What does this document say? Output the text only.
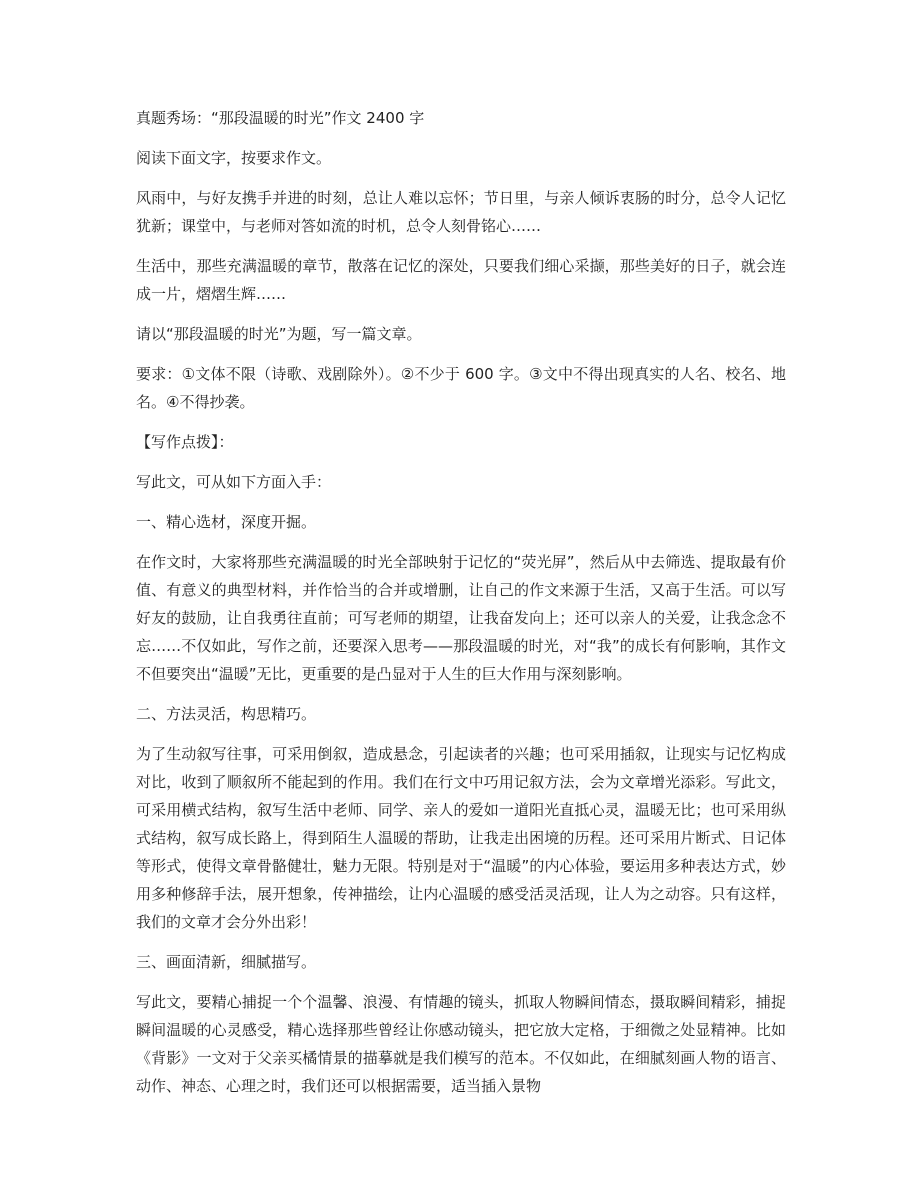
真题秀场：“那段温暖的时光”作文 2400 字

阅读下面文字，按要求作文。

风雨中，与好友携手并进的时刻，总让人难以忘怀；节日里，与亲人倾诉衷肠的时分，总令人记忆犹新；课堂中，与老师对答如流的时机，总令人刻骨铭心……

生活中，那些充满温暖的章节，散落在记忆的深处，只要我们细心采撷，那些美好的日子，就会连成一片，熠熠生辉……

请以“那段温暖的时光”为题，写一篇文章。

要求：①文体不限（诗歌、戏剧除外）。②不少于 600 字。③文中不得出现真实的人名、校名、地名。④不得抄袭。

【写作点拨】：

写此文，可从如下方面入手：

一、精心选材，深度开掘。

在作文时，大家将那些充满温暖的时光全部映射于记忆的“荧光屏”，然后从中去筛选、提取最有价值、有意义的典型材料，并作恰当的合并或增删，让自己的作文来源于生活，又高于生活。可以写好友的鼓励，让自我勇往直前；可写老师的期望，让我奋发向上；还可以亲人的关爱，让我念念不忘……不仅如此，写作之前，还要深入思考——那段温暖的时光，对“我”的成长有何影响，其作文不但要突出“温暖”无比，更重要的是凸显对于人生的巨大作用与深刻影响。

二、方法灵活，构思精巧。

为了生动叙写往事，可采用倒叙，造成悬念，引起读者的兴趣；也可采用插叙，让现实与记忆构成对比，收到了顺叙所不能起到的作用。我们在行文中巧用记叙方法，会为文章增光添彩。写此文，可采用横式结构，叙写生活中老师、同学、亲人的爱如一道阳光直抵心灵，温暖无比；也可采用纵式结构，叙写成长路上，得到陌生人温暖的帮助，让我走出困境的历程。还可采用片断式、日记体等形式，使得文章骨骼健壮，魅力无限。特别是对于“温暖”的内心体验，要运用多种表达方式，妙用多种修辞手法，展开想象，传神描绘，让内心温暖的感受活灵活现，让人为之动容。只有这样，我们的文章才会分外出彩！

三、画面清新，细腻描写。

写此文，要精心捕捉一个个温馨、浪漫、有情趣的镜头，抓取人物瞬间情态，摄取瞬间精彩，捕捉瞬间温暖的心灵感受，精心选择那些曾经让你感动镜头，把它放大定格，于细微之处显精神。比如《背影》一文对于父亲买橘情景的描摹就是我们模写的范本。不仅如此，在细腻刻画人物的语言、动作、神态、心理之时，我们还可以根据需要，适当插入景物
